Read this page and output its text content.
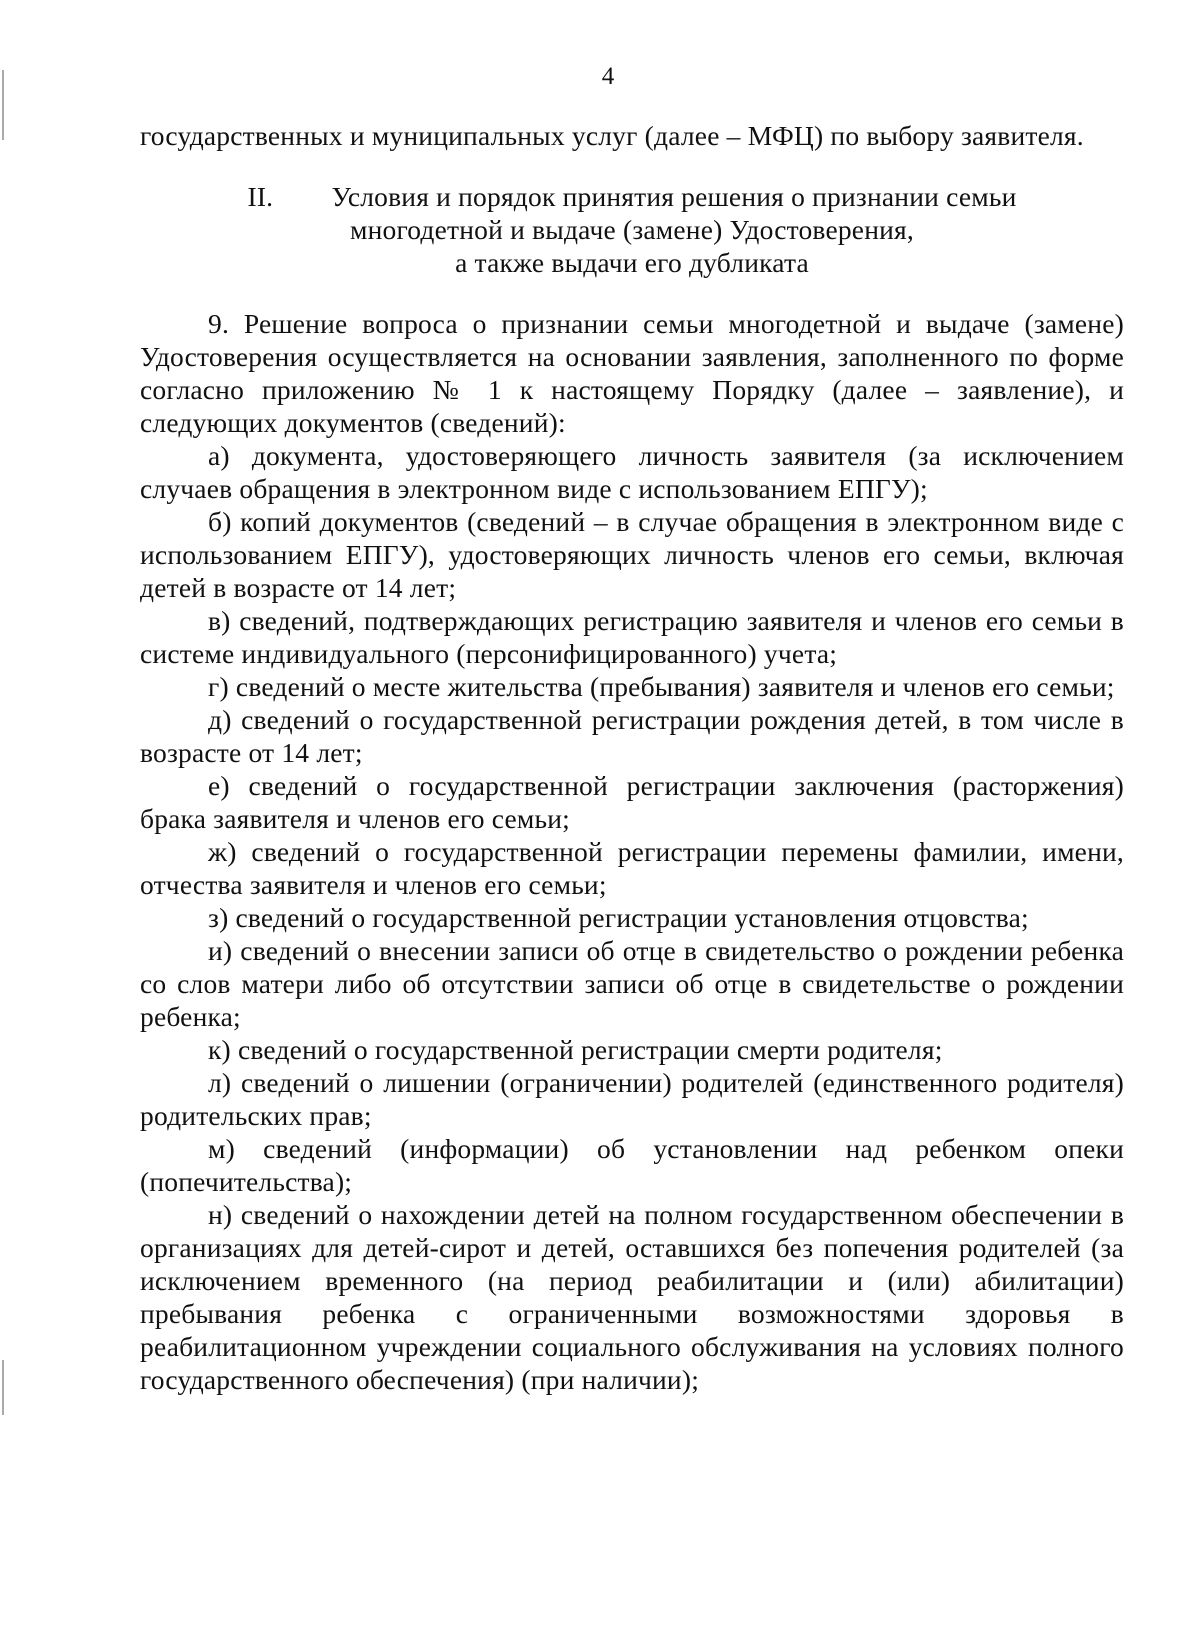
4

государственных и муниципальных услуг (далее – МФЦ) по выбору заявителя.

II. Условия и порядок принятия решения о признании семьи
многодетной и выдаче (замене) Удостоверения,
а также выдачи его дубликата

9. Решение вопроса о признании семьи многодетной и выдаче (замене) Удостоверения осуществляется на основании заявления, заполненного по форме согласно приложению № 1 к настоящему Порядку (далее – заявление), и следующих документов (сведений):

а) документа, удостоверяющего личность заявителя (за исключением случаев обращения в электронном виде с использованием ЕПГУ);

б) копий документов (сведений – в случае обращения в электронном виде с использованием ЕПГУ), удостоверяющих личность членов его семьи, включая детей в возрасте от 14 лет;

в) сведений, подтверждающих регистрацию заявителя и членов его семьи в системе индивидуального (персонифицированного) учета;

г) сведений о месте жительства (пребывания) заявителя и членов его семьи;

д) сведений о государственной регистрации рождения детей, в том числе в возрасте от 14 лет;

е) сведений о государственной регистрации заключения (расторжения) брака заявителя и членов его семьи;

ж) сведений о государственной регистрации перемены фамилии, имени, отчества заявителя и членов его семьи;

з) сведений о государственной регистрации установления отцовства;

и) сведений о внесении записи об отце в свидетельство о рождении ребенка со слов матери либо об отсутствии записи об отце в свидетельстве о рождении ребенка;

к) сведений о государственной регистрации смерти родителя;

л) сведений о лишении (ограничении) родителей (единственного родителя) родительских прав;

м) сведений (информации) об установлении над ребенком опеки (попечительства);

н) сведений о нахождении детей на полном государственном обеспечении в организациях для детей-сирот и детей, оставшихся без попечения родителей (за исключением временного (на период реабилитации и (или) абилитации) пребывания ребенка с ограниченными возможностями здоровья в реабилитационном учреждении социального обслуживания на условиях полного государственного обеспечения) (при наличии);
